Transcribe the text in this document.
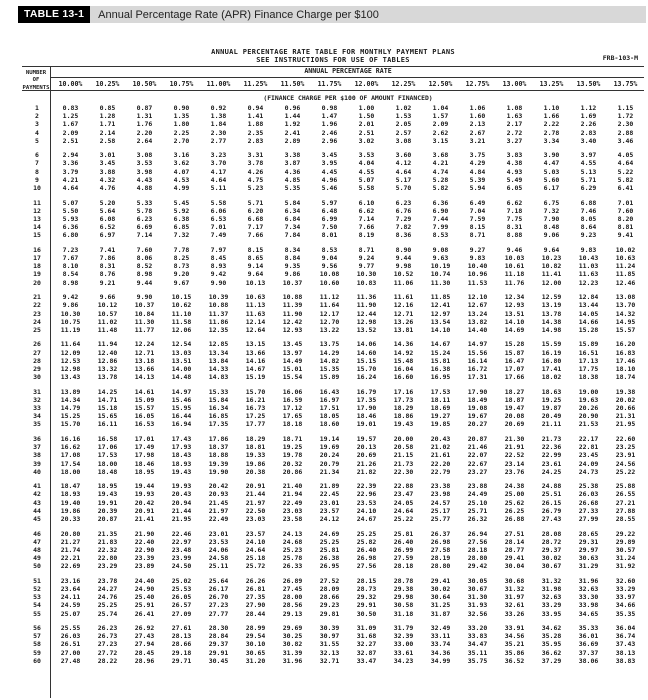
TABLE 13-1	Annual Percentage Rate (APR) Finance Charge per $100
ANNUAL PERCENTAGE RATE TABLE FOR MONTHLY PAYMENT PLANS
SEE INSTRUCTIONS FOR USE OF TABLES	FRB-103-M
NUMBER
OF
PAYMENTS
ANNUAL PERCENTAGE RATE
10.00%	10.25%	10.50%	10.75%	11.00%	11.25%	11.50%	11.75%	12.00%	12.25%	12.50%	12.75%	13.00%	13.25%	13.50%	13.75%
(FINANCE CHARGE PER $100 OF AMOUNT FINANCED)
1	0.83	0.85	0.87	0.90	0.92	0.94	0.96	0.98	1.00	1.02	1.04	1.06	1.08	1.10	1.12	1.15
2	1.25	1.28	1.31	1.35	1.38	1.41	1.44	1.47	1.50	1.53	1.57	1.60	1.63	1.66	1.69	1.72
3	1.67	1.71	1.76	1.80	1.84	1.88	1.92	1.96	2.01	2.05	2.09	2.13	2.17	2.22	2.26	2.30
4	2.09	2.14	2.20	2.25	2.30	2.35	2.41	2.46	2.51	2.57	2.62	2.67	2.72	2.78	2.83	2.88
5	2.51	2.58	2.64	2.70	2.77	2.83	2.89	2.96	3.02	3.08	3.15	3.21	3.27	3.34	3.40	3.46
6	2.94	3.01	3.08	3.16	3.23	3.31	3.38	3.45	3.53	3.60	3.68	3.75	3.83	3.90	3.97	4.05
7	3.36	3.45	3.53	3.62	3.70	3.78	3.87	3.95	4.04	4.12	4.21	4.29	4.38	4.47	4.55	4.64
8	3.79	3.88	3.98	4.07	4.17	4.26	4.36	4.45	4.55	4.64	4.74	4.84	4.93	5.03	5.13	5.22
9	4.21	4.32	4.43	4.53	4.64	4.75	4.85	4.96	5.07	5.17	5.28	5.39	5.49	5.60	5.71	5.82
10	4.64	4.76	4.88	4.99	5.11	5.23	5.35	5.46	5.58	5.70	5.82	5.94	6.05	6.17	6.29	6.41
11	5.07	5.20	5.33	5.45	5.58	5.71	5.84	5.97	6.10	6.23	6.36	6.49	6.62	6.75	6.88	7.01
12	5.50	5.64	5.78	5.92	6.06	6.20	6.34	6.48	6.62	6.76	6.90	7.04	7.18	7.32	7.46	7.60
13	5.93	6.08	6.23	6.38	6.53	6.68	6.84	6.99	7.14	7.29	7.44	7.59	7.75	7.90	8.05	8.20
14	6.36	6.52	6.69	6.85	7.01	7.17	7.34	7.50	7.66	7.82	7.99	8.15	8.31	8.48	8.64	8.81
15	6.80	6.97	7.14	7.32	7.49	7.66	7.84	8.01	8.19	8.36	8.53	8.71	8.88	9.06	9.23	9.41
16	7.23	7.41	7.60	7.78	7.97	8.15	8.34	8.53	8.71	8.90	9.08	9.27	9.46	9.64	9.83	10.02
17	7.67	7.86	8.06	8.25	8.45	8.65	8.84	9.04	9.24	9.44	9.63	9.83	10.03	10.23	10.43	10.63
18	8.10	8.31	8.52	8.73	8.93	9.14	9.35	9.56	9.77	9.98	10.19	10.40	10.61	10.82	11.03	11.24
19	8.54	8.76	8.98	9.20	9.42	9.64	9.86	10.08	10.30	10.52	10.74	10.96	11.18	11.41	11.63	11.85
20	8.98	9.21	9.44	9.67	9.90	10.13	10.37	10.60	10.83	11.06	11.30	11.53	11.76	12.00	12.23	12.46
21	9.42	9.66	9.90	10.15	10.39	10.63	10.88	11.12	11.36	11.61	11.85	12.10	12.34	12.59	12.84	13.08
22	9.86	10.12	10.37	10.62	10.88	11.13	11.39	11.64	11.90	12.16	12.41	12.67	12.93	13.19	13.44	13.70
23	10.30	10.57	10.84	11.10	11.37	11.63	11.90	12.17	12.44	12.71	12.97	13.24	13.51	13.78	14.05	14.32
24	10.75	11.02	11.30	11.58	11.86	12.14	12.42	12.70	12.98	13.26	13.54	13.82	14.10	14.38	14.66	14.95
25	11.19	11.48	11.77	12.06	12.35	12.64	12.93	13.22	13.52	13.81	14.10	14.40	14.69	14.98	15.28	15.57
26	11.64	11.94	12.24	12.54	12.85	13.15	13.45	13.75	14.06	14.36	14.67	14.97	15.28	15.59	15.89	16.20
27	12.09	12.40	12.71	13.03	13.34	13.66	13.97	14.29	14.60	14.92	15.24	15.56	15.87	16.19	16.51	16.83
28	12.53	12.86	13.18	13.51	13.84	14.16	14.49	14.82	15.15	15.48	15.81	16.14	16.47	16.80	17.13	17.46
29	12.98	13.32	13.66	14.00	14.33	14.67	15.01	15.35	15.70	16.04	16.38	16.72	17.07	17.41	17.75	18.10
30	13.43	13.78	14.13	14.48	14.83	15.19	15.54	15.89	16.24	16.60	16.95	17.31	17.66	18.02	18.38	18.74
31	13.89	14.25	14.61	14.97	15.33	15.70	16.06	16.43	16.79	17.16	17.53	17.90	18.27	18.63	19.00	19.38
32	14.34	14.71	15.09	15.46	15.84	16.21	16.59	16.97	17.35	17.73	18.11	18.49	18.87	19.25	19.63	20.02
33	14.79	15.18	15.57	15.95	16.34	16.73	17.12	17.51	17.90	18.29	18.69	19.08	19.47	19.87	20.26	20.66
34	15.25	15.65	16.05	16.44	16.85	17.25	17.65	18.05	18.46	18.86	19.27	19.67	20.08	20.49	20.90	21.31
35	15.70	16.11	16.53	16.94	17.35	17.77	18.18	18.60	19.01	19.43	19.85	20.27	20.69	21.11	21.53	21.95
36	16.16	16.58	17.01	17.43	17.86	18.29	18.71	19.14	19.57	20.00	20.43	20.87	21.30	21.73	22.17	22.60
37	16.62	17.06	17.49	17.93	18.37	18.81	19.25	19.69	20.13	20.58	21.02	21.46	21.91	22.36	22.81	23.25
38	17.08	17.53	17.98	18.43	18.88	19.33	19.78	20.24	20.69	21.15	21.61	22.07	22.52	22.99	23.45	23.91
39	17.54	18.00	18.46	18.93	19.39	19.86	20.32	20.79	21.26	21.73	22.20	22.67	23.14	23.61	24.09	24.56
40	18.00	18.48	18.95	19.43	19.90	20.38	20.86	21.34	21.82	22.30	22.79	23.27	23.76	24.25	24.73	25.22
41	18.47	18.95	19.44	19.93	20.42	20.91	21.40	21.89	22.39	22.88	23.38	23.88	24.38	24.88	25.38	25.88
42	18.93	19.43	19.93	20.43	20.93	21.44	21.94	22.45	22.96	23.47	23.98	24.49	25.00	25.51	26.03	26.55
43	19.40	19.91	20.42	20.94	21.45	21.97	22.49	23.01	23.53	24.05	24.57	25.10	25.62	26.15	26.68	27.21
44	19.86	20.39	20.91	21.44	21.97	22.50	23.03	23.57	24.10	24.64	25.17	25.71	26.25	26.79	27.33	27.88
45	20.33	20.87	21.41	21.95	22.49	23.03	23.58	24.12	24.67	25.22	25.77	26.32	26.88	27.43	27.99	28.55
46	20.80	21.35	21.90	22.46	23.01	23.57	24.13	24.69	25.25	25.81	26.37	26.94	27.51	28.08	28.65	29.22
47	21.27	21.83	22.40	22.97	23.53	24.10	24.68	25.25	25.82	26.40	26.98	27.56	28.14	28.72	29.31	29.89
48	21.74	22.32	22.90	23.48	24.06	24.64	25.23	25.81	26.40	26.99	27.58	28.18	28.77	29.37	29.97	30.57
49	22.21	22.80	23.39	23.99	24.58	25.18	25.78	26.38	26.98	27.59	28.19	28.80	29.41	30.02	30.63	31.24
50	22.69	23.29	23.89	24.50	25.11	25.72	26.33	26.95	27.56	28.18	28.80	29.42	30.04	30.67	31.29	31.92
51	23.16	23.78	24.40	25.02	25.64	26.26	26.89	27.52	28.15	28.78	29.41	30.05	30.68	31.32	31.96	32.60
52	23.64	24.27	24.90	25.53	26.17	26.81	27.45	28.09	28.73	29.38	30.02	30.67	31.32	31.98	32.63	33.29
53	24.11	24.76	25.40	26.05	26.70	27.35	28.00	28.66	29.32	29.98	30.64	31.30	31.97	32.63	33.30	33.97
54	24.59	25.25	25.91	26.57	27.23	27.90	28.56	29.23	29.91	30.58	31.25	31.93	32.61	33.29	33.98	34.66
55	25.07	25.74	26.41	27.09	27.77	28.44	29.13	29.81	30.50	31.18	31.87	32.56	33.26	33.95	34.65	35.35
56	25.55	26.23	26.92	27.61	28.30	28.99	29.69	30.39	31.09	31.79	32.49	33.20	33.91	34.62	35.33	36.04
57	26.03	26.73	27.43	28.13	28.84	29.54	30.25	30.97	31.68	32.39	33.11	33.83	34.56	35.28	36.01	36.74
58	26.51	27.23	27.94	28.66	29.37	30.10	30.82	31.55	32.27	33.00	33.74	34.47	35.21	35.95	36.69	37.43
59	27.00	27.72	28.45	29.18	29.91	30.65	31.39	32.13	32.87	33.61	34.36	35.11	35.86	36.62	37.37	38.13
60	27.48	28.22	28.96	29.71	30.45	31.20	31.96	32.71	33.47	34.23	34.99	35.75	36.52	37.29	38.06	38.83
